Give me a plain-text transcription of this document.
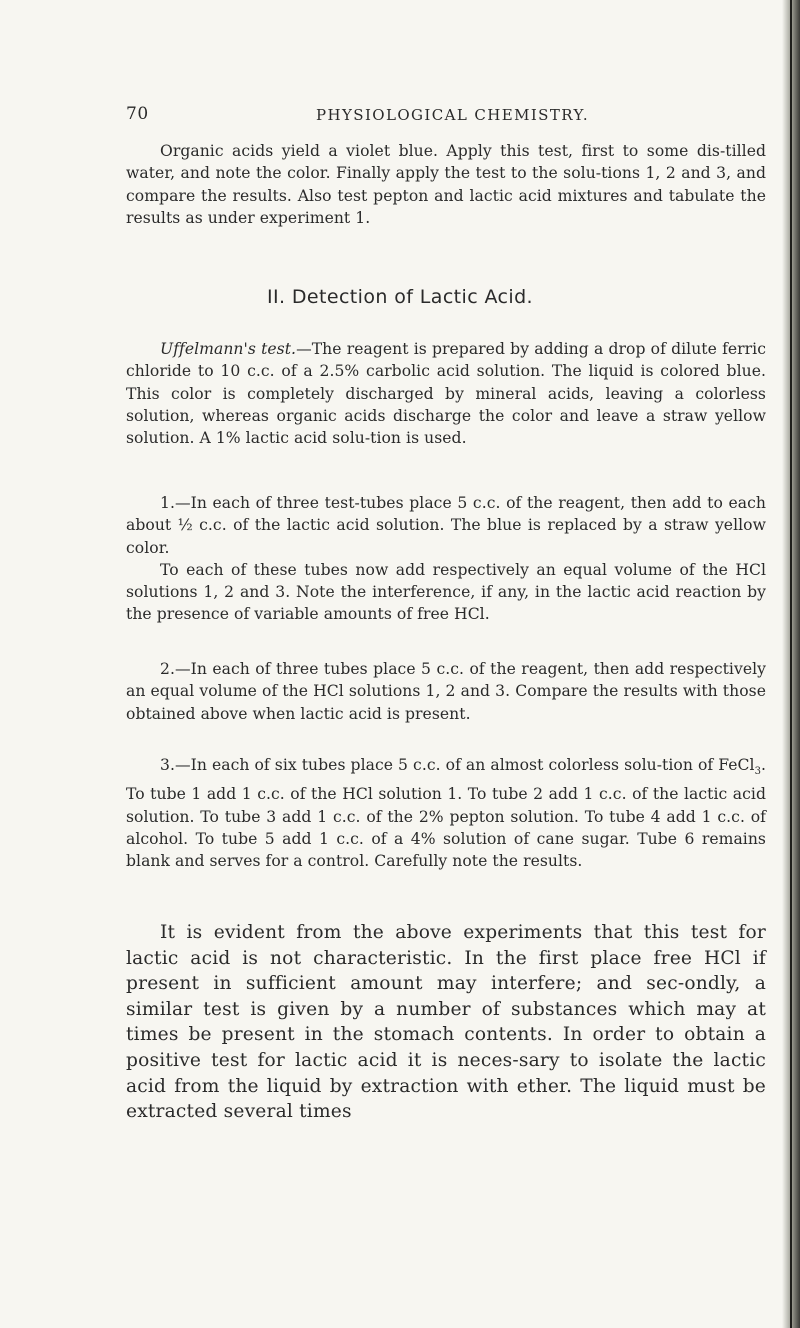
70	PHYSIOLOGICAL CHEMISTRY.

Organic acids yield a violet blue. Apply this test, first to some dis-tilled water, and note the color. Finally apply the test to the solu-tions 1, 2 and 3, and compare the results. Also test pepton and lactic acid mixtures and tabulate the results as under experiment 1.

II. Detection of Lactic Acid.

Uffelmann's test.—The reagent is prepared by adding a drop of dilute ferric chloride to 10 c.c. of a 2.5% carbolic acid solution. The liquid is colored blue. This color is completely discharged by mineral acids, leaving a colorless solution, whereas organic acids discharge the color and leave a straw yellow solution. A 1% lactic acid solu-tion is used.

1.—In each of three test-tubes place 5 c.c. of the reagent, then add to each about ½ c.c. of the lactic acid solution. The blue is replaced by a straw yellow color.

To each of these tubes now add respectively an equal volume of the HCl solutions 1, 2 and 3. Note the interference, if any, in the lactic acid reaction by the presence of variable amounts of free HCl.

2.—In each of three tubes place 5 c.c. of the reagent, then add respectively an equal volume of the HCl solutions 1, 2 and 3. Compare the results with those obtained above when lactic acid is present.

3.—In each of six tubes place 5 c.c. of an almost colorless solu-tion of FeCl$_3$. To tube 1 add 1 c.c. of the HCl solution 1. To tube 2 add 1 c.c. of the lactic acid solution. To tube 3 add 1 c.c. of the 2% pepton solution. To tube 4 add 1 c.c. of alcohol. To tube 5 add 1 c.c. of a 4% solution of cane sugar. Tube 6 remains blank and serves for a control. Carefully note the results.

It is evident from the above experiments that this test for lactic acid is not characteristic. In the first place free HCl if present in sufficient amount may interfere; and sec-ondly, a similar test is given by a number of substances which may at times be present in the stomach contents. In order to obtain a positive test for lactic acid it is neces-sary to isolate the lactic acid from the liquid by extraction with ether. The liquid must be extracted several times
